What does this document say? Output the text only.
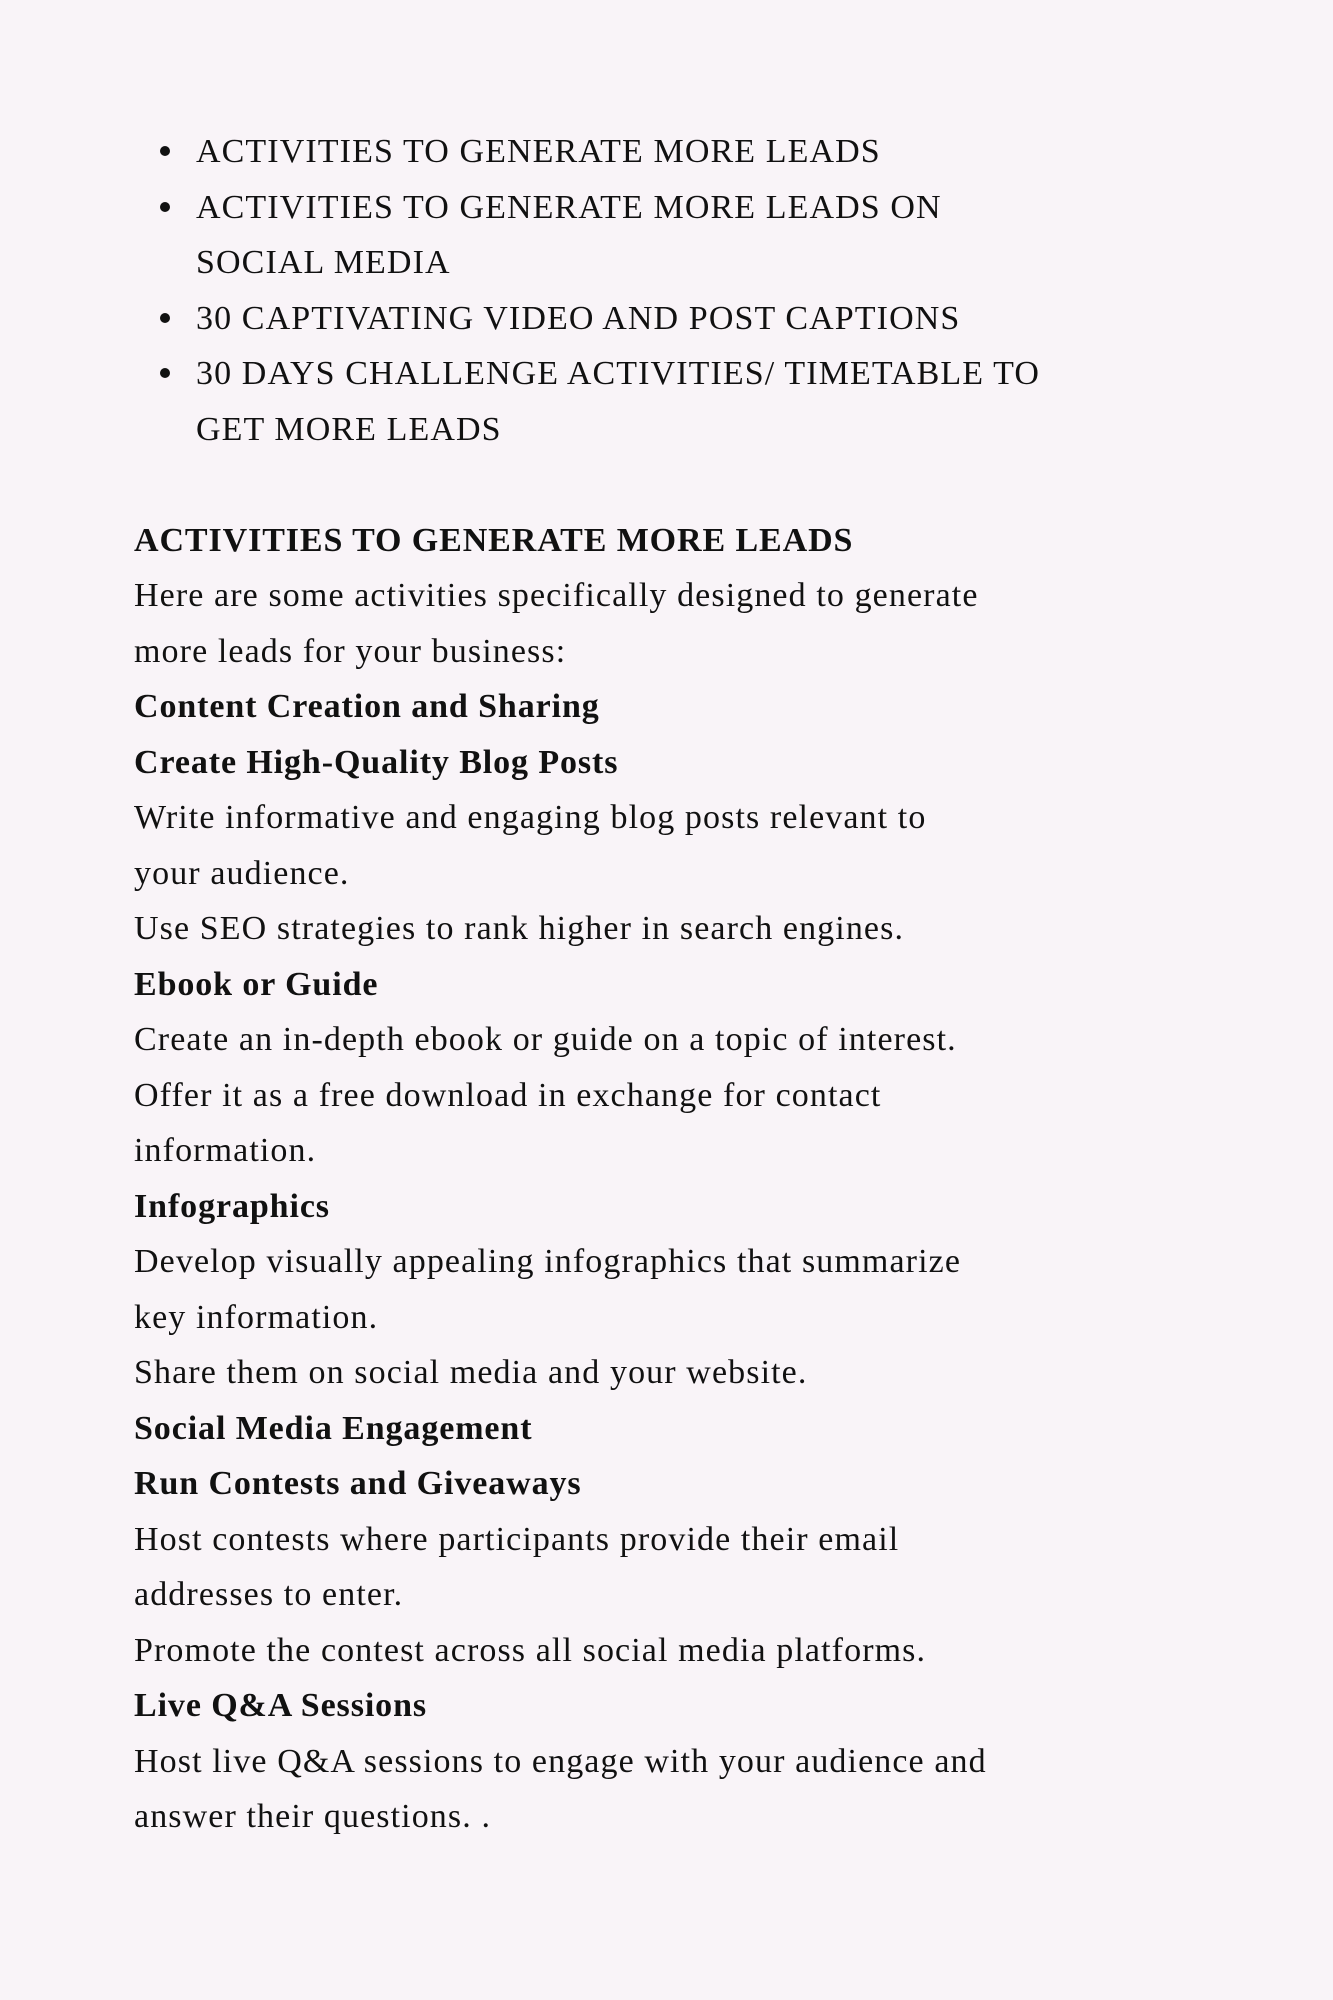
ACTIVITIES TO GENERATE MORE LEADS
ACTIVITIES TO GENERATE MORE LEADS ON
SOCIAL MEDIA
30 CAPTIVATING VIDEO AND POST CAPTIONS
30 DAYS CHALLENGE ACTIVITIES/ TIMETABLE TO
GET MORE LEADS
ACTIVITIES TO GENERATE MORE LEADS
Here are some activities specifically designed to generate
more leads for your business:
Content Creation and Sharing
Create High-Quality Blog Posts
Write informative and engaging blog posts relevant to
your audience.
Use SEO strategies to rank higher in search engines.
Ebook or Guide
Create an in-depth ebook or guide on a topic of interest.
Offer it as a free download in exchange for contact
information.
Infographics
Develop visually appealing infographics that summarize
key information.
Share them on social media and your website.
Social Media Engagement
Run Contests and Giveaways
Host contests where participants provide their email
addresses to enter.
Promote the contest across all social media platforms.
Live Q&A Sessions
Host live Q&A sessions to engage with your audience and
answer their questions. .
